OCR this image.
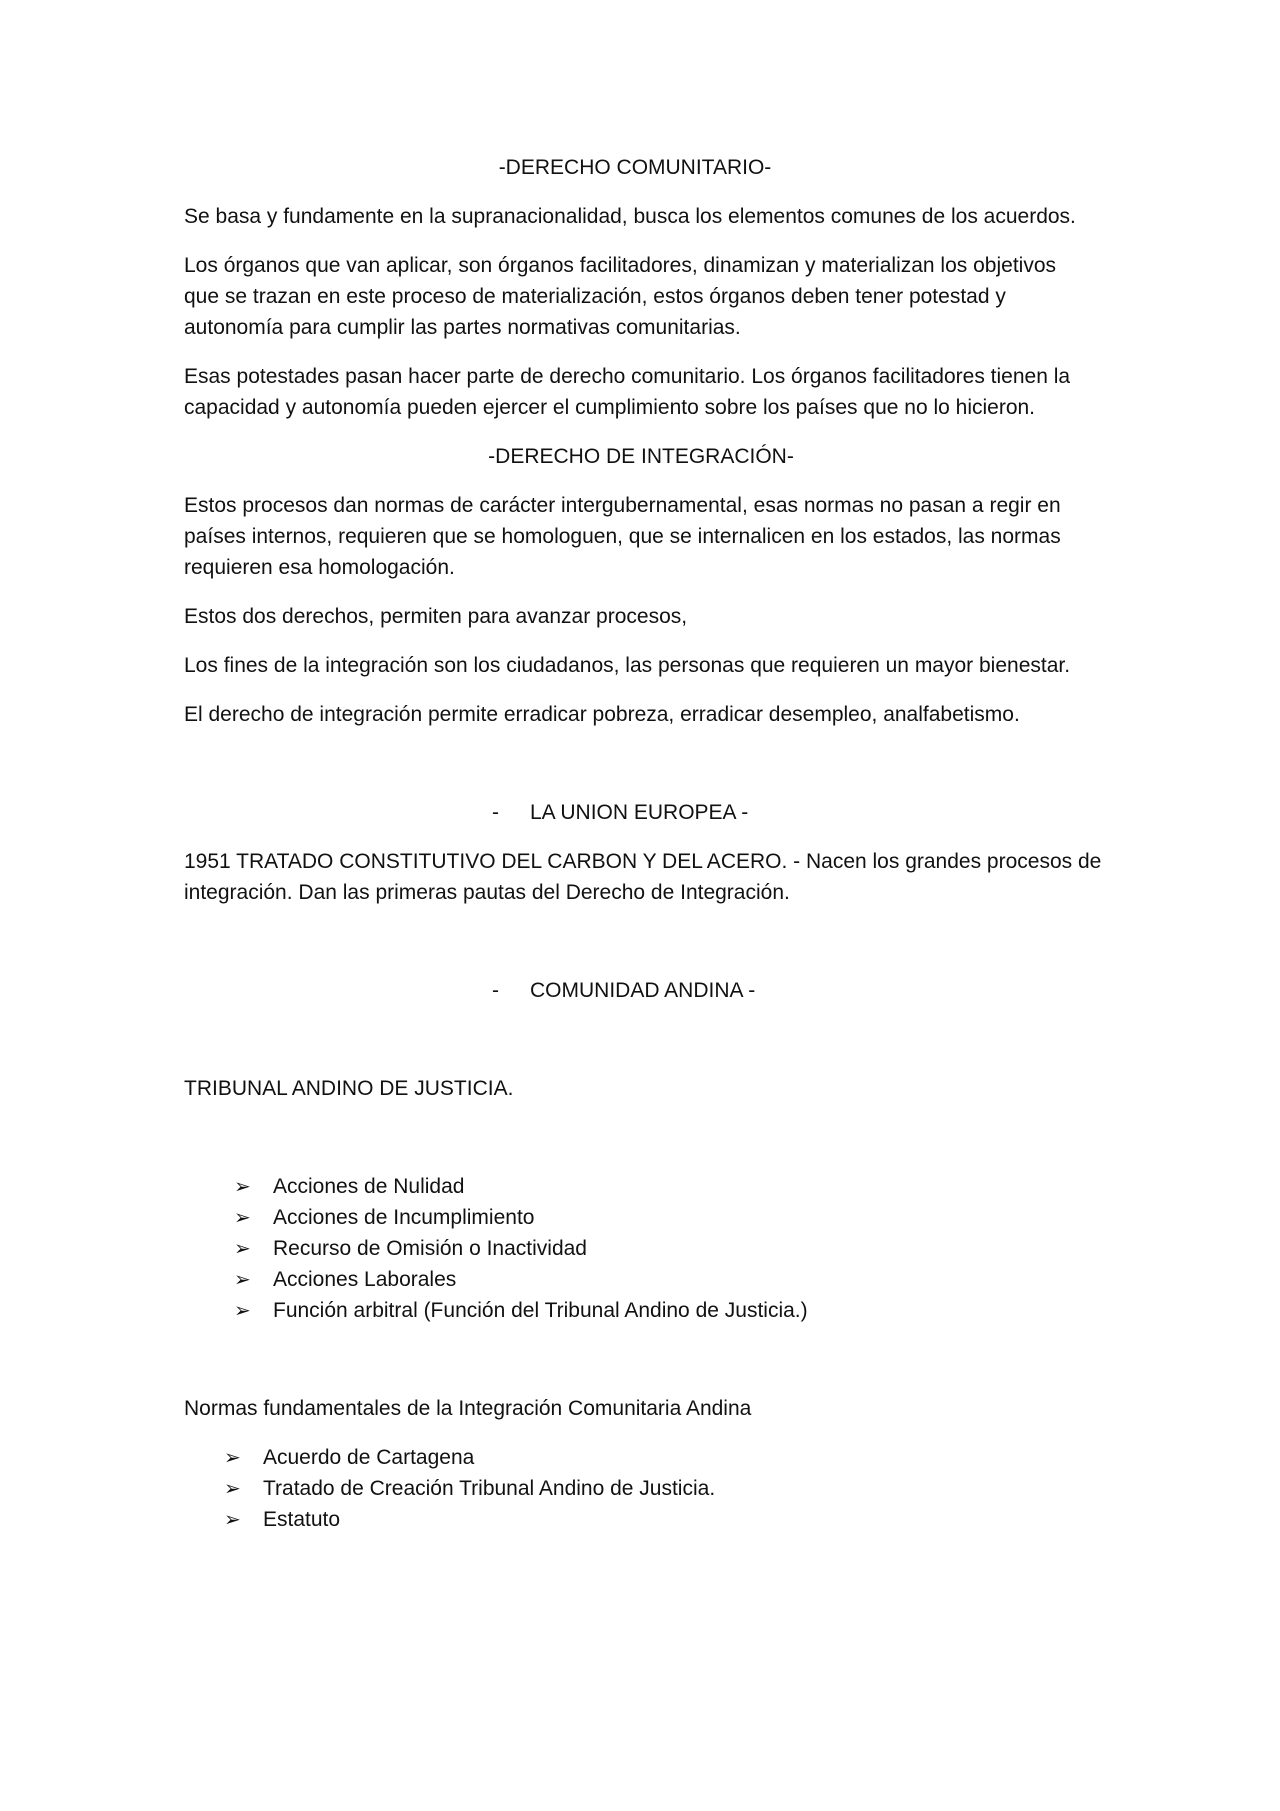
-DERECHO COMUNITARIO-
Se basa y fundamente en la supranacionalidad, busca los elementos comunes de los acuerdos.
Los órganos que van aplicar, son órganos facilitadores, dinamizan y materializan los objetivos
que se trazan en este proceso de materialización, estos órganos deben tener potestad y
autonomía para cumplir las partes normativas comunitarias.
Esas potestades pasan hacer parte de derecho comunitario. Los órganos facilitadores tienen la
capacidad y autonomía pueden ejercer el cumplimiento sobre los países que no lo hicieron.
-DERECHO DE INTEGRACIÓN-
Estos procesos dan normas de carácter intergubernamental, esas normas no pasan a regir en
países internos, requieren que se homologuen, que se internalicen en los estados, las normas
requieren esa homologación.
Estos dos derechos, permiten para avanzar procesos,
Los fines de la integración son los ciudadanos, las personas que requieren un mayor bienestar.
El derecho de integración permite erradicar pobreza, erradicar desempleo, analfabetismo.
- LA UNION EUROPEA -
1951 TRATADO CONSTITUTIVO DEL CARBON Y DEL ACERO. - Nacen los grandes procesos de
integración. Dan las primeras pautas del Derecho de Integración.
- COMUNIDAD ANDINA -
TRIBUNAL ANDINO DE JUSTICIA.
➢ Acciones de Nulidad
➢ Acciones de Incumplimiento
➢ Recurso de Omisión o Inactividad
➢ Acciones Laborales
➢ Función arbitral (Función del Tribunal Andino de Justicia.)
Normas fundamentales de la Integración Comunitaria Andina
➢ Acuerdo de Cartagena
➢ Tratado de Creación Tribunal Andino de Justicia.
➢ Estatuto
